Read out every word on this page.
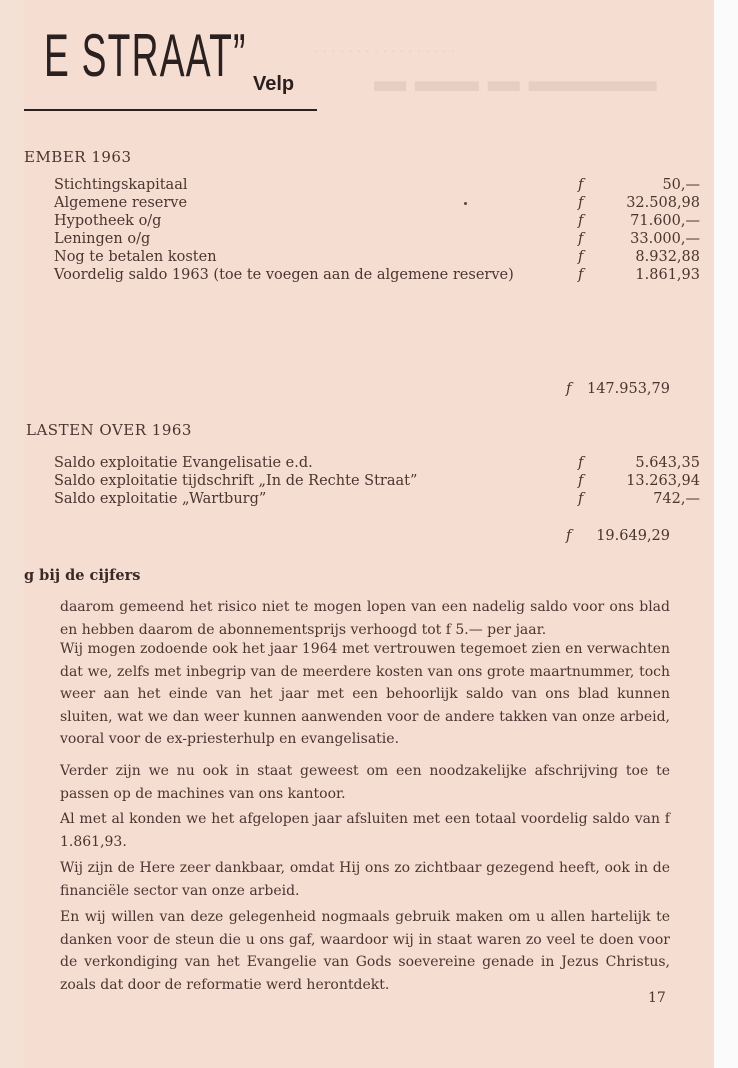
· · · · · · · · · · · · · · · · ·
▬ ▬▬ ▬ ▬▬▬▬
E STRAAT” Velp
EMBER 1963
Stichtingskapitaal	f	50,—
Algemene reserve	f	32.508,98
Hypotheek o/g	f	71.600,—
Leningen o/g	f	33.000,—
Nog te betalen kosten	f	8.932,88
Voordelig saldo 1963 (toe te voegen aan de algemene reserve)	f	1.861,93
f 147.953,79
LASTEN OVER 1963
Saldo exploitatie Evangelisatie e.d.	f	5.643,35
Saldo exploitatie tijdschrift „In de Rechte Straat”	f	13.263,94
Saldo exploitatie „Wartburg”	f	742,—
f 19.649,29
g bij de cijfers

daarom gemeend het risico niet te mogen lopen van een nadelig saldo voor ons blad en hebben daarom de abonnementsprijs verhoogd tot f 5.— per jaar.

Wij mogen zodoende ook het jaar 1964 met vertrouwen tegemoet zien en verwachten dat we, zelfs met inbegrip van de meerdere kosten van ons grote maartnummer, toch weer aan het einde van het jaar met een behoorlijk saldo van ons blad kunnen sluiten, wat we dan weer kunnen aanwenden voor de andere takken van onze arbeid, vooral voor de ex-priesterhulp en evangelisatie.

Verder zijn we nu ook in staat geweest om een noodzakelijke afschrijving toe te passen op de machines van ons kantoor.

Al met al konden we het afgelopen jaar afsluiten met een totaal voordelig saldo van f 1.861,93.

Wij zijn de Here zeer dankbaar, omdat Hij ons zo zichtbaar gezegend heeft, ook in de financiële sector van onze arbeid.

En wij willen van deze gelegenheid nogmaals gebruik maken om u allen hartelijk te danken voor de steun die u ons gaf, waardoor wij in staat waren zo veel te doen voor de verkondiging van het Evangelie van Gods soevereine genade in Jezus Christus, zoals dat door de reformatie werd herontdekt.

17
